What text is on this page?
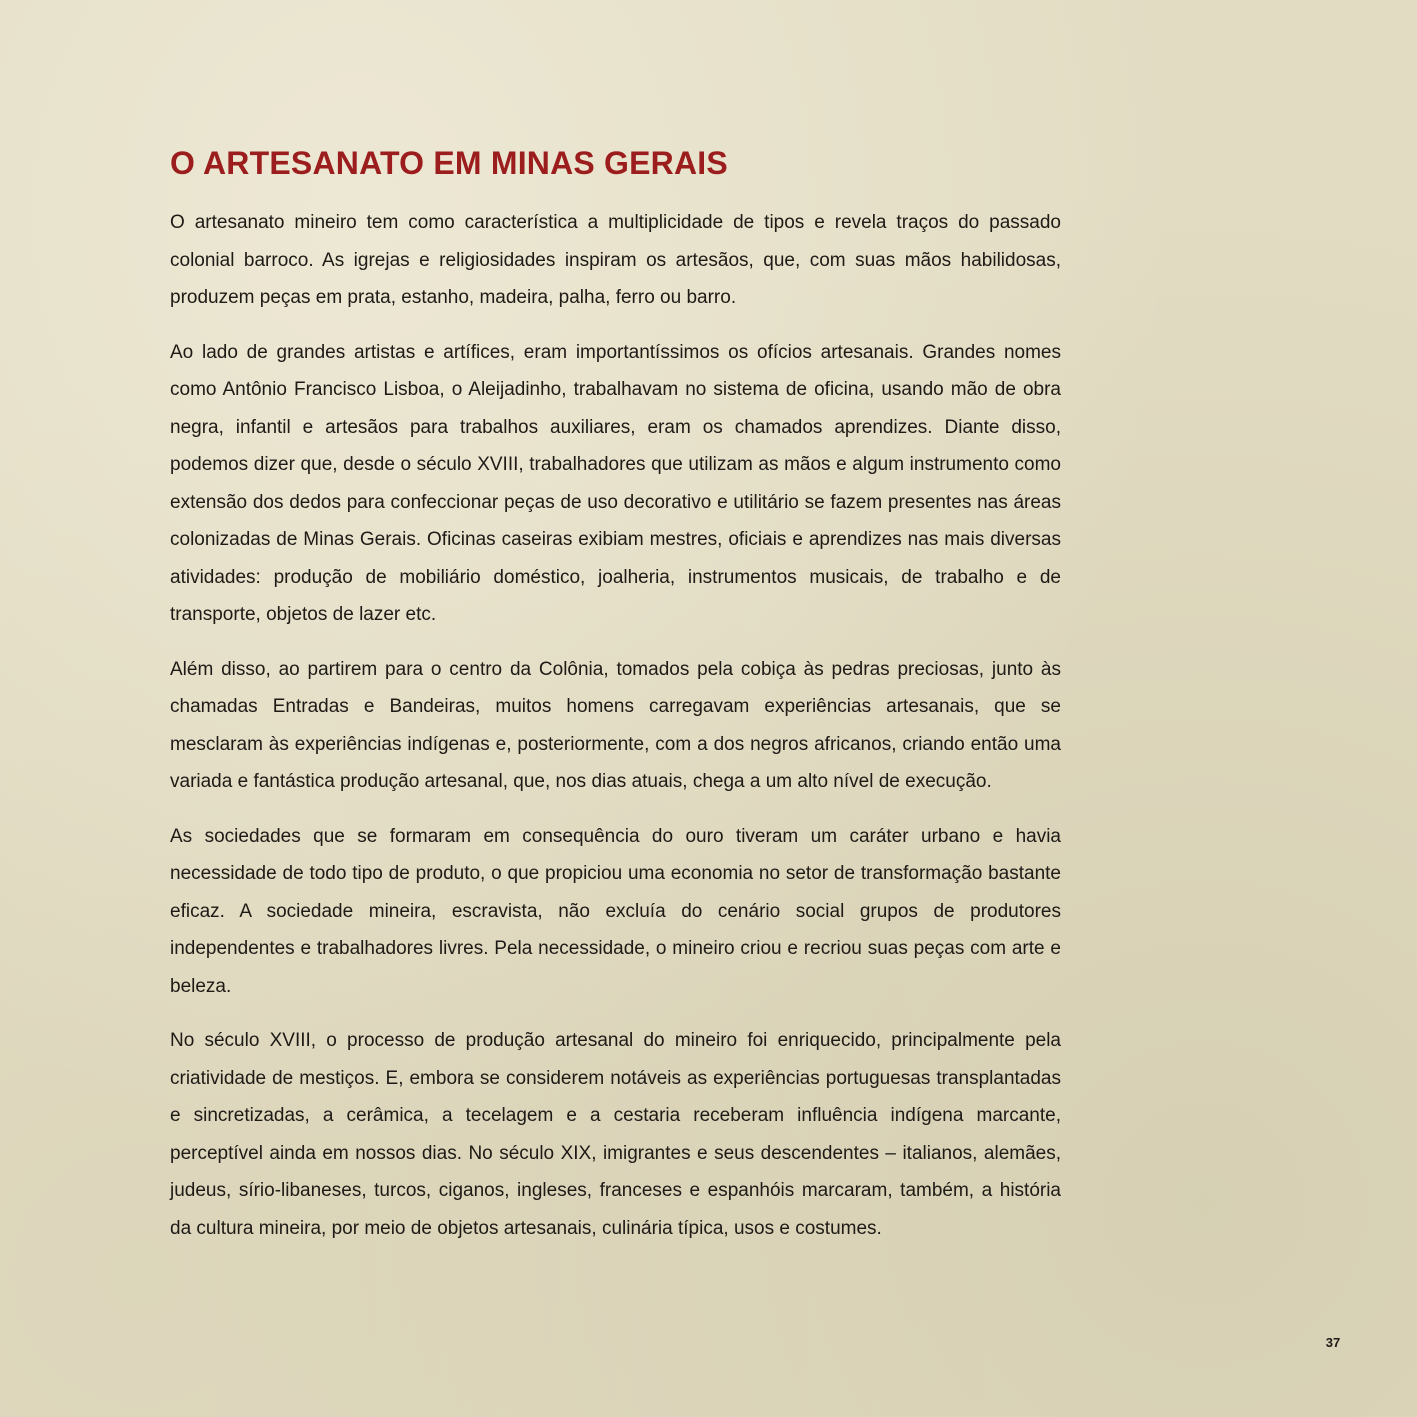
O ARTESANATO EM MINAS GERAIS

O artesanato mineiro tem como característica a multiplicidade de tipos e revela traços do passado colonial barroco. As igrejas e religiosidades inspiram os artesãos, que, com suas mãos habilidosas, produzem peças em prata, estanho, madeira, palha, ferro ou barro.

Ao lado de grandes artistas e artífices, eram importantíssimos os ofícios artesanais. Grandes nomes como Antônio Francisco Lisboa, o Aleijadinho, trabalhavam no sistema de oficina, usando mão de obra negra, infantil e artesãos para trabalhos auxiliares, eram os chamados aprendizes. Diante disso, podemos dizer que, desde o século XVIII, trabalhadores que utilizam as mãos e algum instrumento como extensão dos dedos para confeccionar peças de uso decorativo e utilitário se fazem presentes nas áreas colonizadas de Minas Gerais. Oficinas caseiras exibiam mestres, oficiais e aprendizes nas mais diversas atividades: produção de mobiliário doméstico, joalheria, instrumentos musicais, de trabalho e de transporte, objetos de lazer etc.

Além disso, ao partirem para o centro da Colônia, tomados pela cobiça às pedras preciosas, junto às chamadas Entradas e Bandeiras, muitos homens carregavam experiências artesanais, que se mesclaram às experiências indígenas e, posteriormente, com a dos negros africanos, criando então uma variada e fantástica produção artesanal, que, nos dias atuais, chega a um alto nível de execução.

As sociedades que se formaram em consequência do ouro tiveram um caráter urbano e havia necessidade de todo tipo de produto, o que propiciou uma economia no setor de transformação bastante eficaz. A sociedade mineira, escravista, não excluía do cenário social grupos de produtores independentes e trabalhadores livres. Pela necessidade, o mineiro criou e recriou suas peças com arte e beleza.

No século XVIII, o processo de produção artesanal do mineiro foi enriquecido, principalmente pela criatividade de mestiços. E, embora se considerem notáveis as experiências portuguesas transplantadas e sincretizadas, a cerâmica, a tecelagem e a cestaria receberam influência indígena marcante, perceptível ainda em nossos dias. No século XIX, imigrantes e seus descendentes – italianos, alemães, judeus, sírio-libaneses, turcos, ciganos, ingleses, franceses e espanhóis marcaram, também, a história da cultura mineira, por meio de objetos artesanais, culinária típica, usos e costumes.

37
